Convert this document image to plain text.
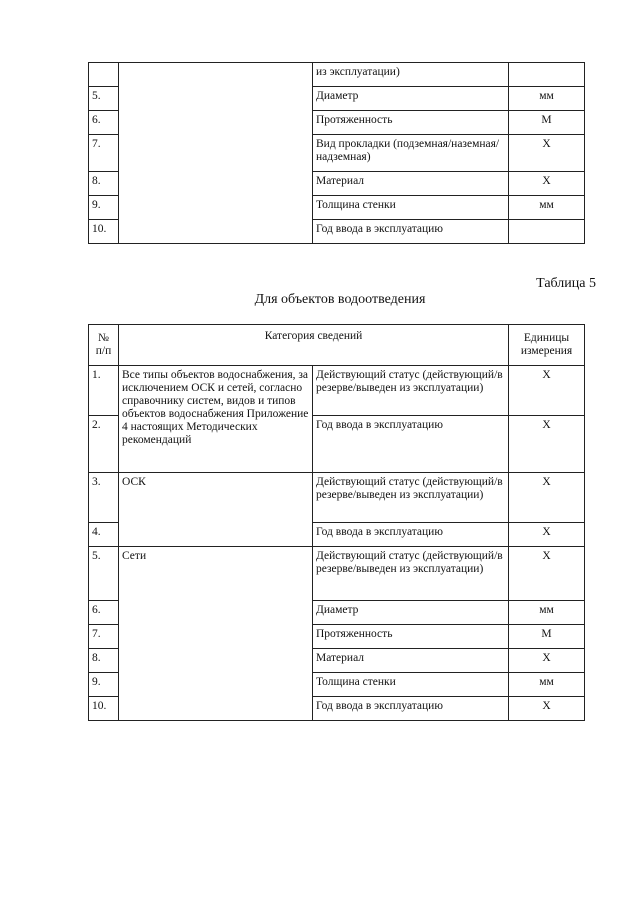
		из эксплуатации)	
5.		Диаметр	мм
6.		Протяженность	М
7.		Вид прокладки (подземная/наземная/надземная)	Х
8.		Материал	Х
9.		Толщина стенки	мм
10.		Год ввода в эксплуатацию	
Таблица 5
Для объектов водоотведения
№ п/п	Категория сведений		Единицы измерения
1.	Все типы объектов водоснабжения, за исключением ОСК и сетей, согласно справочнику систем, видов и типов объектов водоснабжения Приложение 4 настоящих Методических рекомендаций	Действующий статус (действующий/в резерве/выведен из эксплуатации)	Х
2.		Год ввода в эксплуатацию	Х
3.	ОСК	Действующий статус (действующий/в резерве/выведен из эксплуатации)	Х
4.		Год ввода в эксплуатацию	Х
5.	Сети	Действующий статус (действующий/в резерве/выведен из эксплуатации)	Х
6.		Диаметр	мм
7.		Протяженность	М
8.		Материал	Х
9.		Толщина стенки	мм
10.		Год ввода в эксплуатацию	Х
